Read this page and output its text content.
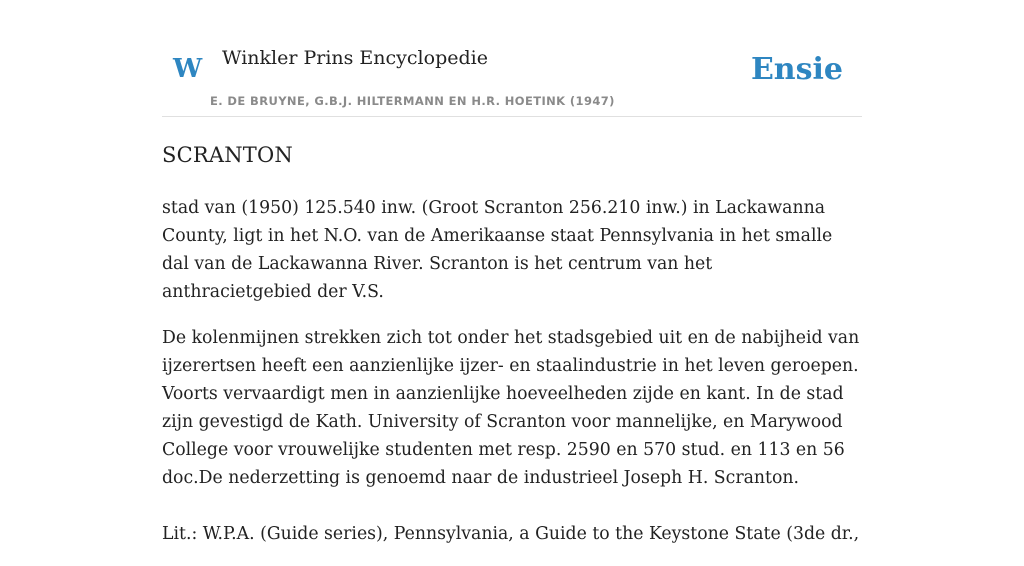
W Winkler Prins Encyclopedie
E. DE BRUYNE, G.B.J. HILTERMANN EN H.R. HOETINK (1947)
Ensie
SCRANTON

stad van (1950) 125.540 inw. (Groot Scranton 256.210 inw.) in Lackawanna County, ligt in het N.O. van de Amerikaanse staat Pennsylvania in het smalle dal van de Lackawanna River. Scranton is het centrum van het anthracietgebied der V.S.

De kolenmijnen strekken zich tot onder het stadsgebied uit en de nabijheid van ijzerertsen heeft een aanzienlijke ijzer- en staalindustrie in het leven geroepen. Voorts vervaardigt men in aanzienlijke hoeveelheden zijde en kant. In de stad zijn gevestigd de Kath. University of Scranton voor mannelijke, en Marywood College voor vrouwelijke studenten met resp. 2590 en 570 stud. en 113 en 56 doc.De nederzetting is genoemd naar de industrieel Joseph H. Scranton.

Lit.: W.P.A. (Guide series), Pennsylvania, a Guide to the Keystone State (3de dr.,
